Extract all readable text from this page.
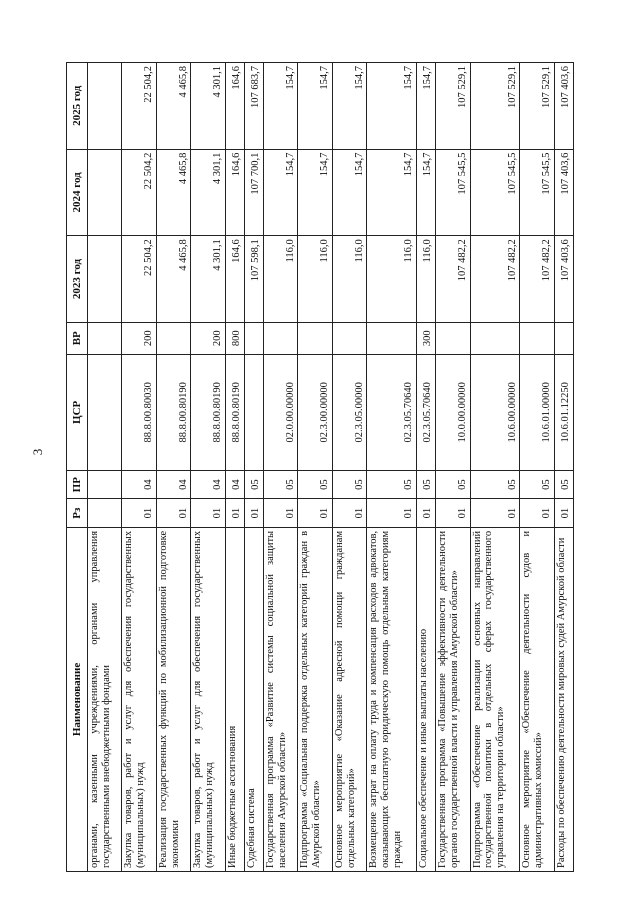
3
Наименование	Рз	ПР	ЦСР	ВР	2023 год	2024 год	2025 год
органами, казенными учреждениями, органами управления государственными внебюджетными фондами							
Закупка товаров, работ и услуг для обеспечения государственных (муниципальных) нужд	01	04	88.8.00.80030	200	22 504,2	22 504,2	22 504,2
Реализация государственных функций по мобилизационной подготовке экономики	01	04	88.8.00.80190		4 465,8	4 465,8	4 465,8
Закупка товаров, работ и услуг для обеспечения государственных (муниципальных) нужд	01	04	88.8.00.80190	200	4 301,1	4 301,1	4 301,1
Иные бюджетные ассигнования	01	04	88.8.00.80190	800	164,6	164,6	164,6
Судебная система	01	05			107 598,1	107 700,1	107 683,7
Государственная программа «Развитие системы социальной защиты населения Амурской области»	01	05	02.0.00.00000		116,0	154,7	154,7
Подпрограмма «Социальная поддержка отдельных категорий граждан в Амурской области»	01	05	02.3.00.00000		116,0	154,7	154,7
Основное мероприятие «Оказание адресной помощи гражданам отдельных категорий»	01	05	02.3.05.00000		116,0	154,7	154,7
Возмещение затрат на оплату труда и компенсация расходов адвокатов, оказывающих бесплатную юридическую помощь отдельным категориям граждан	01	05	02.3.05.70640		116,0	154,7	154,7
Социальное обеспечение и иные выплаты населению	01	05	02.3.05.70640	300	116,0	154,7	154,7
Государственная программа «Повышение эффективности деятельности органов государственной власти и управления Амурской области»	01	05	10.0.00.00000		107 482,2	107 545,5	107 529,1
Подпрограмма «Обеспечение реализации основных направлений государственной политики в отдельных сферах государственного управления на территории области»	01	05	10.6.00.00000		107 482,2	107 545,5	107 529,1
Основное мероприятие «Обеспечение деятельности судов и административных комиссий»	01	05	10.6.01.00000		107 482,2	107 545,5	107 529,1
Расходы по обеспечению деятельности мировых судей Амурской области	01	05	10.6.01.12250		107 403,6	107 403,6	107 403,6
